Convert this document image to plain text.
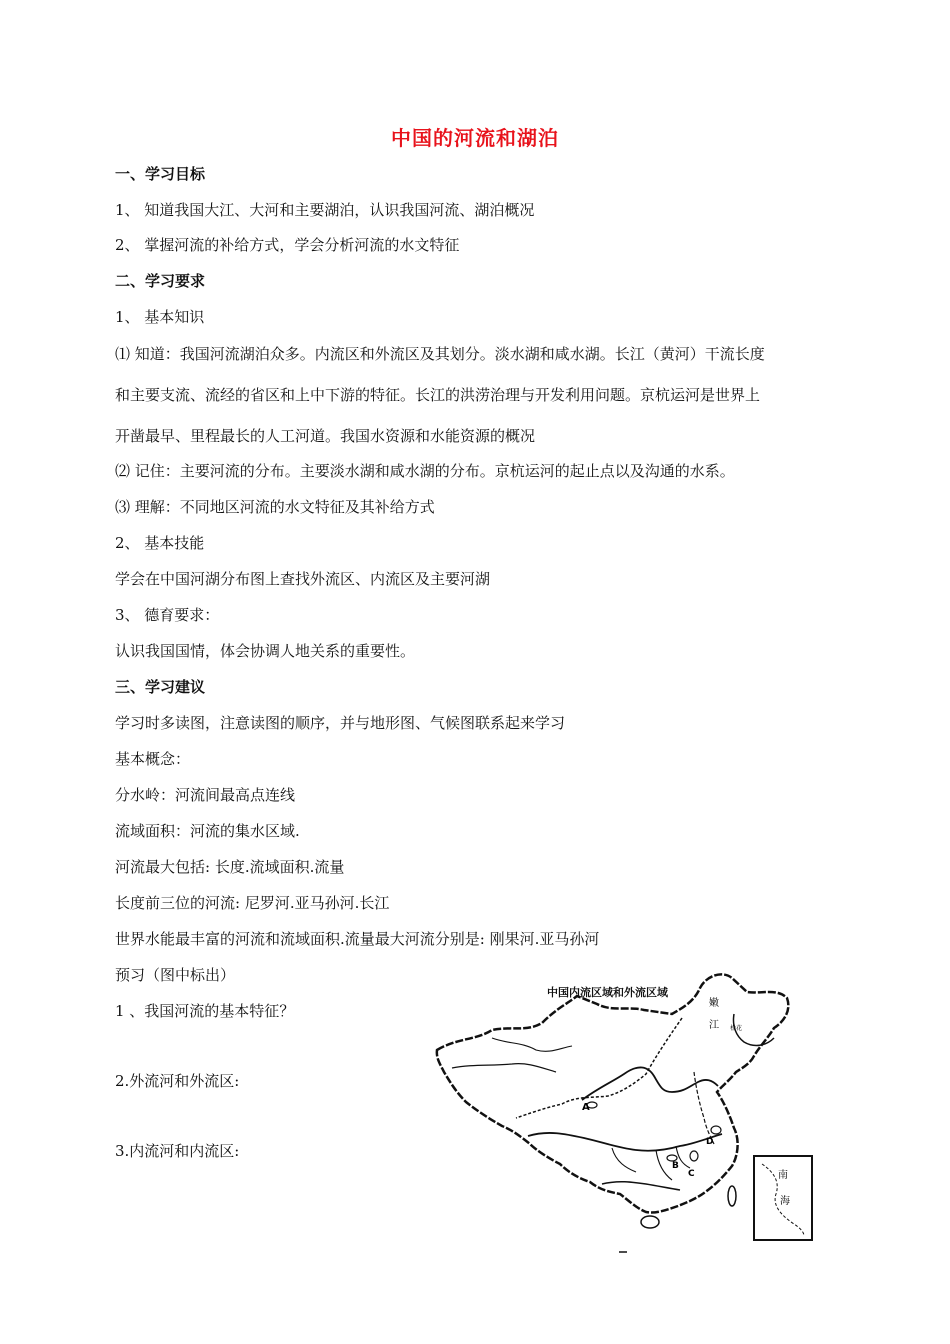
中国的河流和湖泊
一、学习目标
1、 知道我国大江、大河和主要湖泊，认识我国河流、湖泊概况
2、 掌握河流的补给方式，学会分析河流的水文特征
二、学习要求
1、 基本知识
⑴ 知道：我国河流湖泊众多。内流区和外流区及其划分。淡水湖和咸水湖。长江（黄河）干流长度
和主要支流、流经的省区和上中下游的特征。长江的洪涝治理与开发利用问题。京杭运河是世界上
开凿最早、里程最长的人工河道。我国水资源和水能资源的概况
⑵ 记住：主要河流的分布。主要淡水湖和咸水湖的分布。京杭运河的起止点以及沟通的水系。
⑶ 理解：不同地区河流的水文特征及其补给方式
2、 基本技能
学会在中国河湖分布图上查找外流区、内流区及主要河湖
3、 德育要求：
认识我国国情，体会协调人地关系的重要性。
三、学习建议
学习时多读图，注意读图的顺序，并与地形图、气候图联系起来学习
基本概念：
分水岭：河流间最高点连线
流域面积：河流的集水区域.
河流最大包括: 长度.流域面积.流量
长度前三位的河流: 尼罗河.亚马孙河.长江
世界水能最丰富的河流和流域面积.流量最大河流分别是: 刚果河.亚马孙河
预习（图中标出）
1 、我国河流的基本特征？
2.外流河和外流区:
3.内流河和内流区:
中国内流区域和外流区域
A
B
C
D
嫩
江 松花
南
海
